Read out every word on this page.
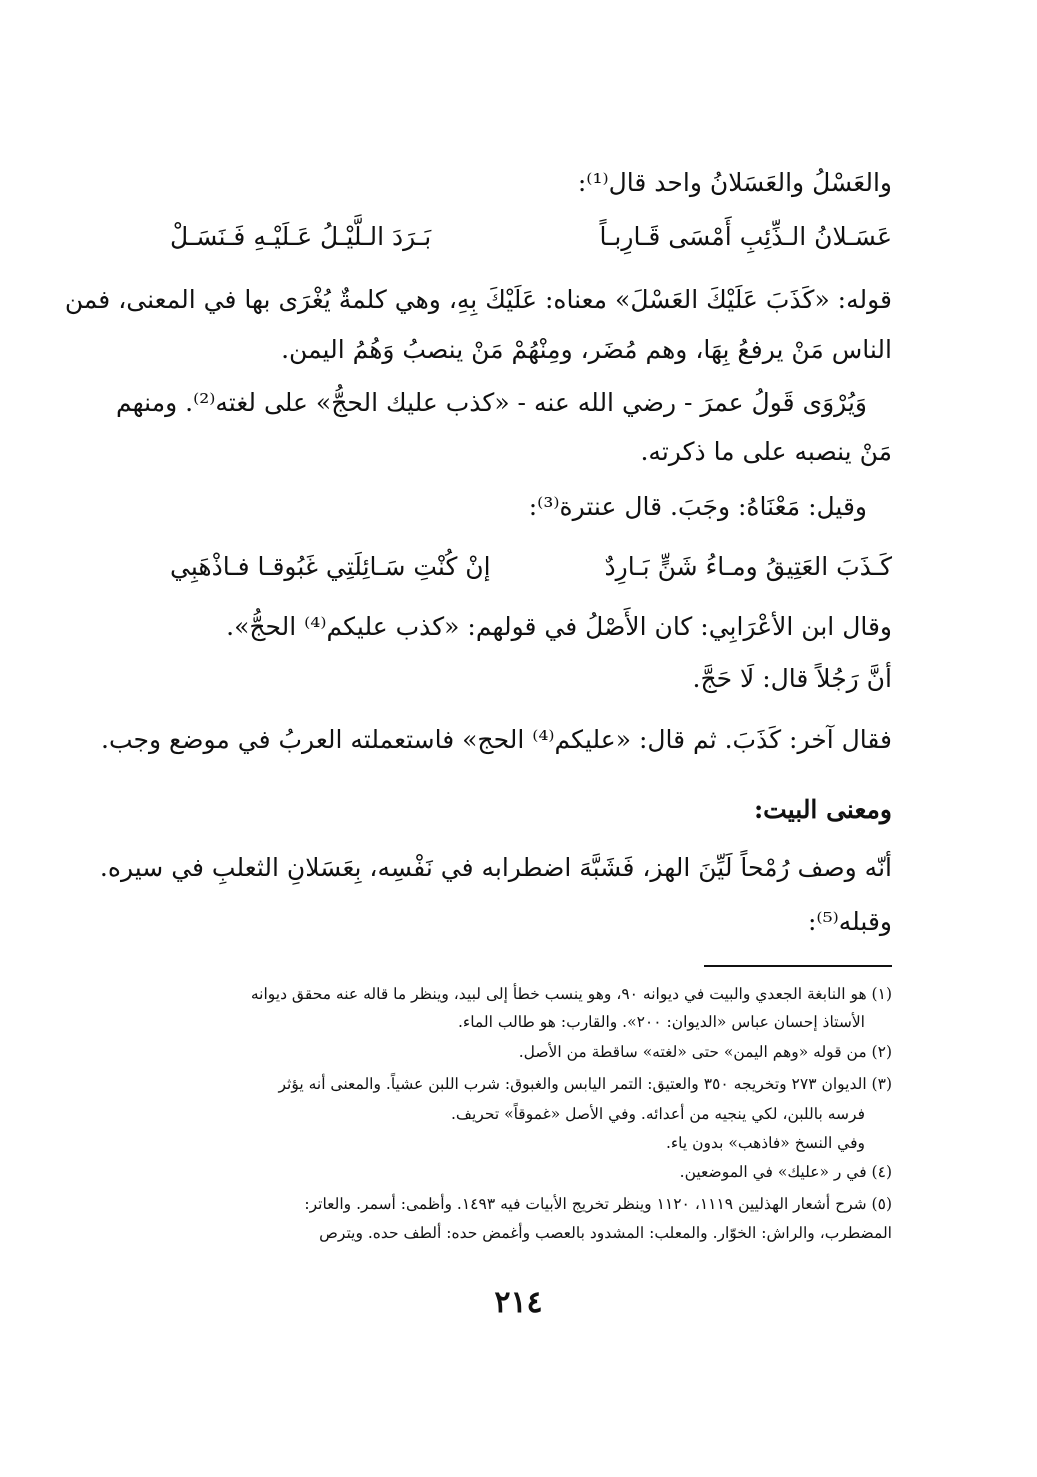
والعَسْلُ والعَسَلانُ واحد قال⁽¹⁾:
عَسَـلانُ الـذِّئِبِ أَمْسَى قَـارِبـاً
بَـرَدَ الـلَّيْـلُ عَـلَيْـهِ فَـنَسَـلْ
قوله: «كَذَبَ عَلَيْكَ العَسْلَ» معناه: عَلَيْكَ بِهِ، وهي كلمةٌ يُغْرَى بها في المعنى، فمن
الناس مَنْ يرفعُ بِهَا، وهم مُضَر، ومِنْهُمْ مَنْ ينصبُ وَهُمُ اليمن.
وَيُرْوَى قَولُ عمرَ - رضي الله عنه - «كذب عليك الحجُّ» على لغته⁽²⁾. ومنهم
مَنْ ينصبه على ما ذكرته.
وقيل: مَعْنَاهُ: وجَبَ. قال عنترة⁽³⁾:
كَـذَبَ العَتِيقُ ومـاءُ شَنٍّ بَـارِدٌ
إنْ كُنْتِ سَـائِلَتِي غَبُوقـا فـاذْهَبِي
وقال ابن الأعْرَابِي: كان الأَصْلُ في قولهم: «كذب عليكم⁽⁴⁾ الحجُّ».
أنَّ رَجُلاً قال: لَا حَجَّ.
فقال آخر: كَذَبَ. ثم قال: «عليكم⁽⁴⁾ الحج» فاستعملته العربُ في موضع وجب.
ومعنى البيت:
أنّه وصف رُمْحاً لَيِّنَ الهز، فَشَبَّهَ اضطرابه في نَفْسِه، بِعَسَلانِ الثعلبِ في سيره.
وقبله⁽⁵⁾:
(١) هو النابغة الجعدي والبيت في ديوانه ٩٠، وهو ينسب خطأ إلى لبيد، وينظر ما قاله عنه محقق ديوانه
الأستاذ إحسان عباس «الديوان: ٢٠٠». والقارب: هو طالب الماء.
(٢) من قوله «وهم اليمن» حتى «لغته» ساقطة من الأصل.
(٣) الديوان ٢٧٣ وتخريجه ٣٥٠ والعتيق: التمر اليابس والغبوق: شرب اللبن عشياً. والمعنى أنه يؤثر
فرسه باللبن، لكي ينجيه من أعدائه. وفي الأصل «غموقاً» تحريف.
وفي النسخ «فاذهب» بدون ياء.
(٤) في ر «عليك» في الموضعين.
(٥) شرح أشعار الهذليين ١١١٩، ١١٢٠ وينظر تخريج الأبيات فيه ١٤٩٣. وأظمى: أسمر. والعاتر:
المضطرب، والراش: الخوّار. والمعلب: المشدود بالعصب وأغمض حده: ألطف حده. ويترص
٢١٤
